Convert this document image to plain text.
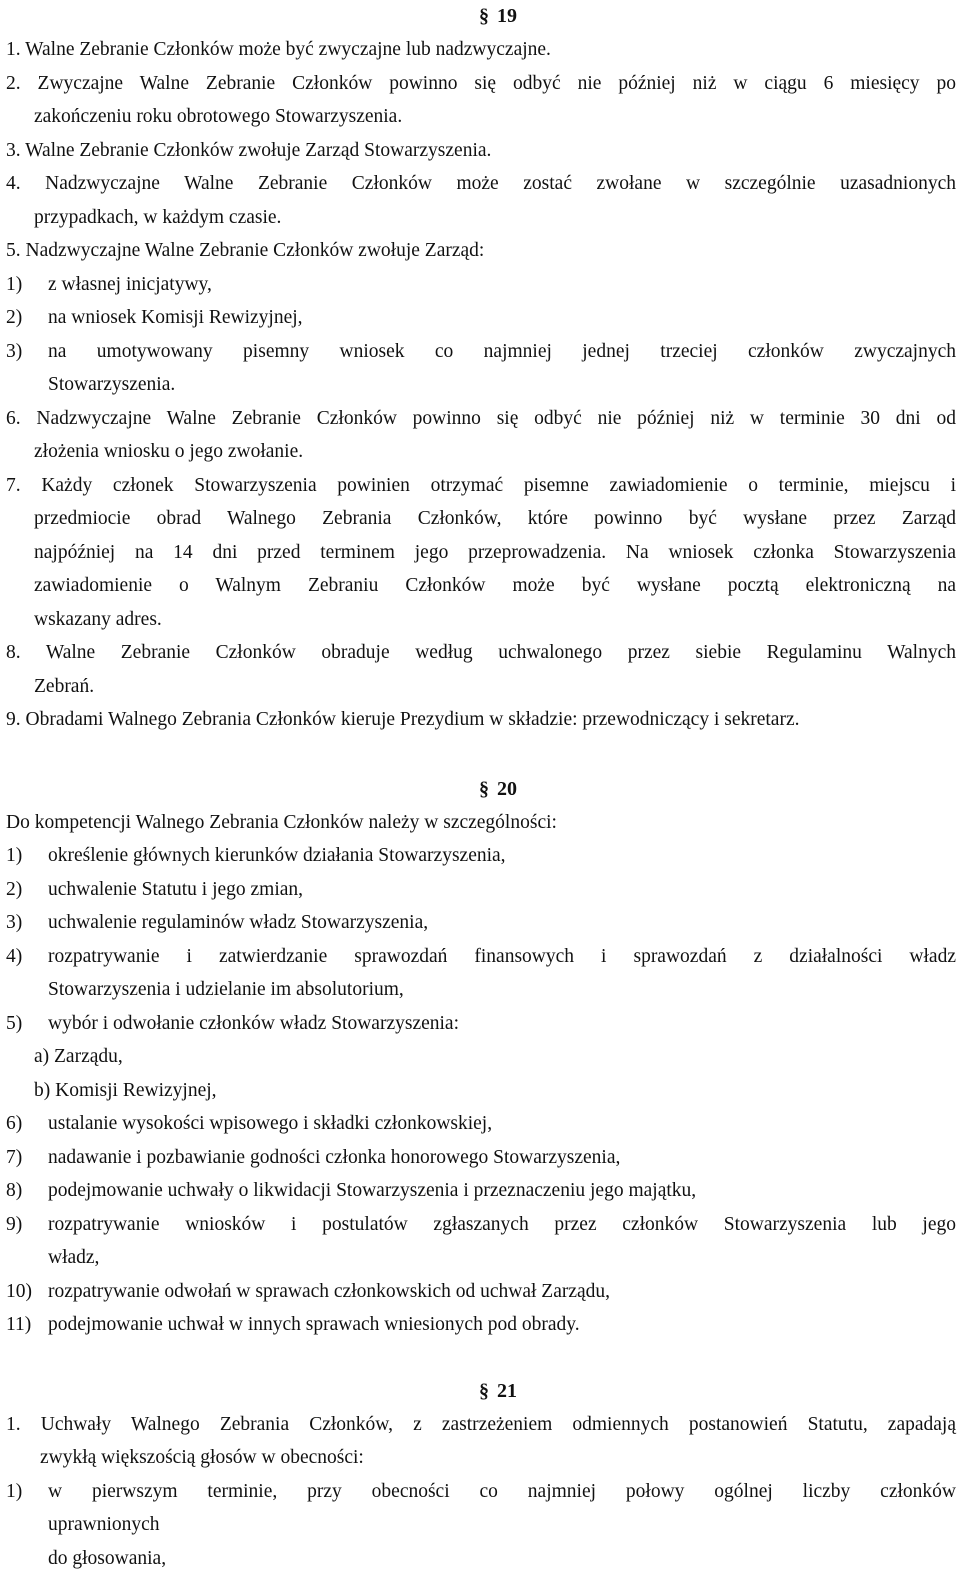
§ 19
1. Walne Zebranie Członków może być zwyczajne lub nadzwyczajne.
2. Zwyczajne Walne Zebranie Członków powinno się odbyć nie później niż w ciągu 6 miesięcy po
zakończeniu roku obrotowego Stowarzyszenia.
3. Walne Zebranie Członków zwołuje Zarząd Stowarzyszenia.
4. Nadzwyczajne Walne Zebranie Członków może zostać zwołane w szczególnie uzasadnionych
przypadkach, w każdym czasie.
5. Nadzwyczajne Walne Zebranie Członków zwołuje Zarząd:
1)	z własnej inicjatywy,
2)	na wniosek Komisji Rewizyjnej,
3)	na umotywowany pisemny wniosek co najmniej jednej trzeciej członków zwyczajnych
Stowarzyszenia.
6. Nadzwyczajne Walne Zebranie Członków powinno się odbyć nie później niż w terminie 30 dni od
złożenia wniosku o jego zwołanie.
7. Każdy członek Stowarzyszenia powinien otrzymać pisemne zawiadomienie o terminie, miejscu i
przedmiocie obrad Walnego Zebrania Członków, które powinno być wysłane przez Zarząd
najpóźniej na 14 dni przed terminem jego przeprowadzenia. Na wniosek członka Stowarzyszenia
zawiadomienie o Walnym Zebraniu Członków może być wysłane pocztą elektroniczną na
wskazany adres.
8. Walne Zebranie Członków obraduje według uchwalonego przez siebie Regulaminu Walnych
Zebrań.
9. Obradami Walnego Zebrania Członków kieruje Prezydium w składzie: przewodniczący i sekretarz.
§ 20
Do kompetencji Walnego Zebrania Członków należy w szczególności:
1)	określenie głównych kierunków działania Stowarzyszenia,
2)	uchwalenie Statutu i jego zmian,
3)	uchwalenie regulaminów władz Stowarzyszenia,
4)	rozpatrywanie i zatwierdzanie sprawozdań finansowych i sprawozdań z działalności władz
Stowarzyszenia i udzielanie im absolutorium,
5)	wybór i odwołanie członków władz Stowarzyszenia:
a) Zarządu,
b) Komisji Rewizyjnej,
6)	ustalanie wysokości wpisowego i składki członkowskiej,
7)	nadawanie i pozbawianie godności członka honorowego Stowarzyszenia,
8)	podejmowanie uchwały o likwidacji Stowarzyszenia i przeznaczeniu jego majątku,
9)	rozpatrywanie wniosków i postulatów zgłaszanych przez członków Stowarzyszenia lub jego
władz,
10) rozpatrywanie odwołań w sprawach członkowskich od uchwał Zarządu,
11) podejmowanie uchwał w innych sprawach wniesionych pod obrady.
§ 21
1. Uchwały Walnego Zebrania Członków, z zastrzeżeniem odmiennych postanowień Statutu, zapadają
zwykłą większością głosów w obecności:
1)	w pierwszym terminie, przy obecności co najmniej połowy ogólnej liczby członków
uprawnionych
do głosowania,
